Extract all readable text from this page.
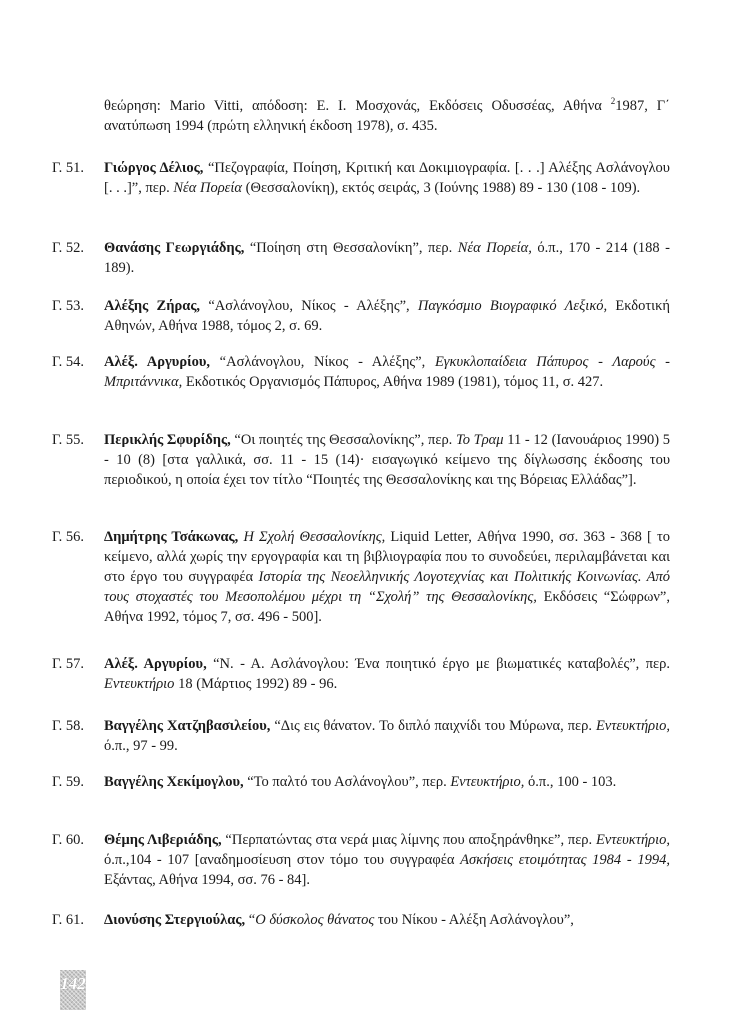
θεώρηση: Mario Vitti, απόδοση: Ε. Ι. Μοσχονάς, Εκδόσεις Οδυσσέας, Αθήνα $^2$1987, Γ΄ ανατύπωση 1994 (πρώτη ελληνική έκδοση 1978), σ. 435.
Γ. 51. Γιώργος Δέλιος, “Πεζογραφία, Ποίηση, Κριτική και Δοκιμιογραφία. [. . .] Αλέξης Ασλάνογλου [. . .]”, περ. Νέα Πορεία (Θεσσαλονίκη), εκτός σειράς, 3 (Ιούνης 1988) 89 - 130 (108 - 109).
Γ. 52. Θανάσης Γεωργιάδης, “Ποίηση στη Θεσσαλονίκη”, περ. Νέα Πορεία, ό.π., 170 - 214 (188 - 189).
Γ. 53. Αλέξης Ζήρας, “Ασλάνογλου, Νίκος - Αλέξης”, Παγκόσμιο Βιογραφικό Λεξικό, Εκδοτική Αθηνών, Αθήνα 1988, τόμος 2, σ. 69.
Γ. 54. Αλέξ. Αργυρίου, “Ασλάνογλου, Νίκος - Αλέξης”, Εγκυκλοπαίδεια Πάπυρος - Λαρούς - Μπριτάννικα, Εκδοτικός Οργανισμός Πάπυρος, Αθήνα 1989 (1981), τόμος 11, σ. 427.
Γ. 55. Περικλής Σφυρίδης, “Οι ποιητές της Θεσσαλονίκης”, περ. Το Τραμ 11 - 12 (Ιανουάριος 1990) 5 - 10 (8) [στα γαλλικά, σσ. 11 - 15 (14)· εισαγωγικό κείμενο της δίγλωσσης έκδοσης του περιοδικού, η οποία έχει τον τίτλο “Ποιητές της Θεσσαλονίκης και της Βόρειας Ελλάδας”].
Γ. 56. Δημήτρης Τσάκωνας, Η Σχολή Θεσσαλονίκης, Liquid Letter, Αθήνα 1990, σσ. 363 - 368 [ το κείμενο, αλλά χωρίς την εργογραφία και τη βιβλιογραφία που το συνοδεύει, περιλαμβάνεται και στο έργο του συγγραφέα Ιστορία της Νεοελληνικής Λογοτεχνίας και Πολιτικής Κοινωνίας. Από τους στοχαστές του Μεσοπολέμου μέχρι τη “Σχολή” της Θεσσαλονίκης, Εκδόσεις “Σώφρων”, Αθήνα 1992, τόμος 7, σσ. 496 - 500].
Γ. 57. Αλέξ. Αργυρίου, “Ν. - Α. Ασλάνογλου: Ένα ποιητικό έργο με βιωματικές καταβολές”, περ. Εντευκτήριο 18 (Μάρτιος 1992) 89 - 96.
Γ. 58. Βαγγέλης Χατζηβασιλείου, “Δις εις θάνατον. Το διπλό παιχνίδι του Μύρωνα, περ. Εντευκτήριο, ό.π., 97 - 99.
Γ. 59. Βαγγέλης Χεκίμογλου, “Το παλτό του Ασλάνογλου”, περ. Εντευκτήριο, ό.π., 100 - 103.
Γ. 60. Θέμης Λιβεριάδης, “Περπατώντας στα νερά μιας λίμνης που αποξηράνθηκε”, περ. Εντευκτήριο, ό.π.,104 - 107 [αναδημοσίευση στον τόμο του συγγραφέα Ασκήσεις ετοιμότητας 1984 - 1994, Εξάντας, Αθήνα 1994, σσ. 76 - 84].
Γ. 61. Διονύσης Στεργιούλας, “Ο δύσκολος θάνατος του Νίκου - Αλέξη Ασλάνογλου”,
142
